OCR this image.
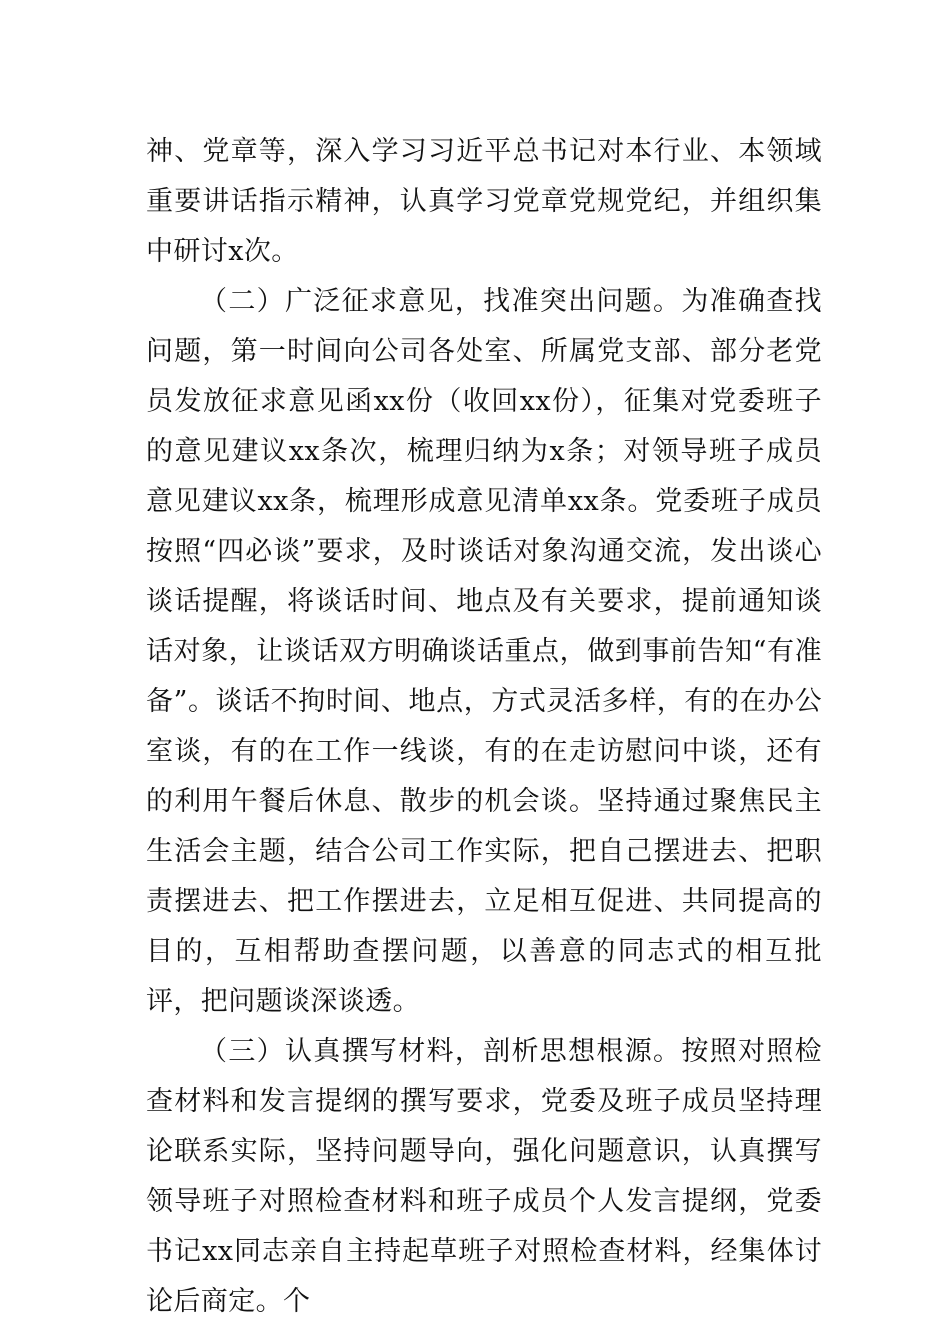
神、党章等，深入学习习近平总书记对本行业、本领域重要讲话指示精神，认真学习党章党规党纪，并组织集中研讨x次。

（二）广泛征求意见，找准突出问题。为准确查找问题，第一时间向公司各处室、所属党支部、部分老党员发放征求意见函xx份（收回xx份），征集对党委班子的意见建议xx条次，梳理归纳为x条；对领导班子成员意见建议xx条，梳理形成意见清单xx条。党委班子成员按照“四必谈”要求，及时谈话对象沟通交流，发出谈心谈话提醒，将谈话时间、地点及有关要求，提前通知谈话对象，让谈话双方明确谈话重点，做到事前告知“有准备”。谈话不拘时间、地点，方式灵活多样，有的在办公室谈，有的在工作一线谈，有的在走访慰问中谈，还有的利用午餐后休息、散步的机会谈。坚持通过聚焦民主生活会主题，结合公司工作实际，把自己摆进去、把职责摆进去、把工作摆进去，立足相互促进、共同提高的目的，互相帮助查摆问题，以善意的同志式的相互批评，把问题谈深谈透。

（三）认真撰写材料，剖析思想根源。按照对照检查材料和发言提纲的撰写要求，党委及班子成员坚持理论联系实际，坚持问题导向，强化问题意识，认真撰写领导班子对照检查材料和班子成员个人发言提纲，党委书记xx同志亲自主持起草班子对照检查材料，经集体讨论后商定。个
